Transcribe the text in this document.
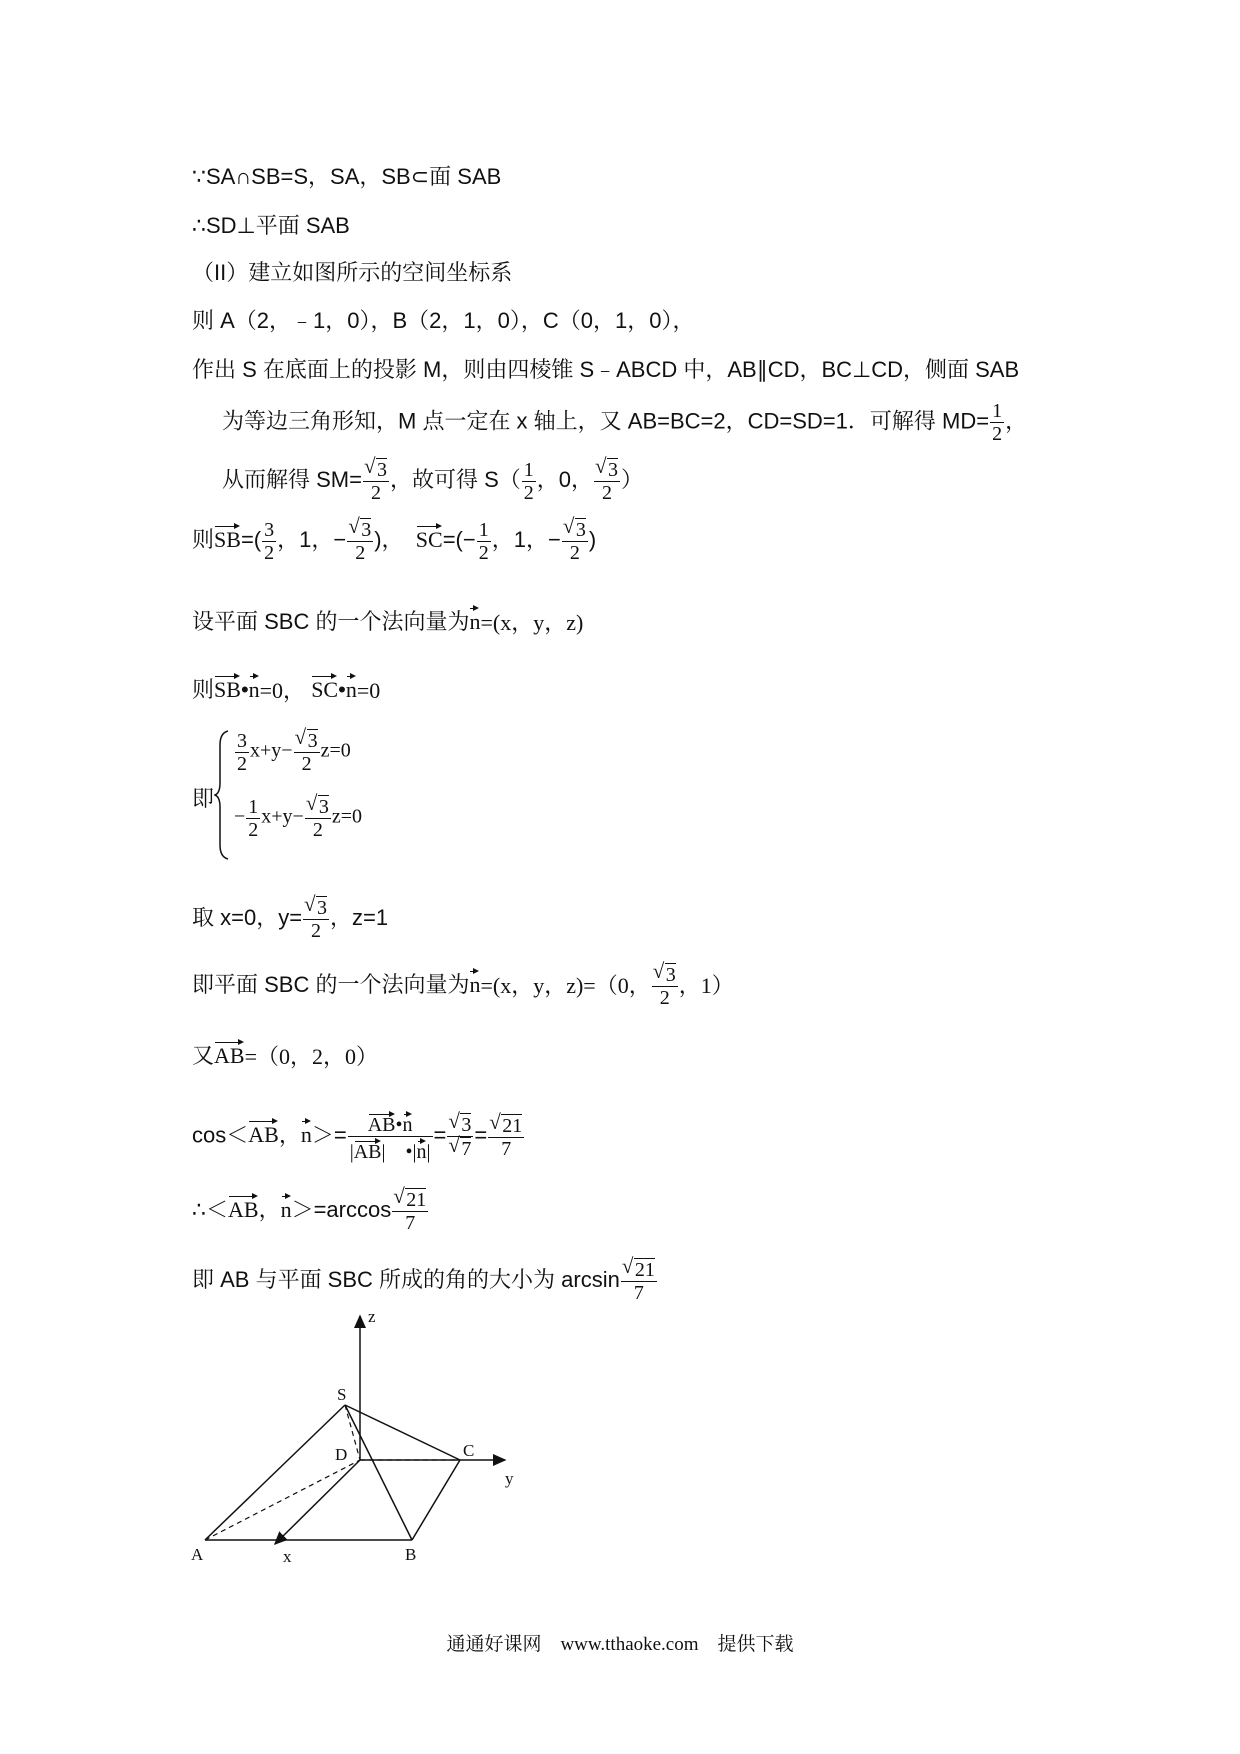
∵SA∩SB=S，SA，SB⊂面 SAB
∴SD⊥平面 SAB
（II）建立如图所示的空间坐标系
则 A（2，﹣1，0），B（2，1，0），C（0，1，0），
作出 S 在底面上的投影 M，则由四棱锥 S﹣ABCD 中，AB∥CD，BC⊥CD，侧面 SAB
为等边三角形知，M 点一定在 x 轴上，又 AB=BC=2，CD=SD=1．可解得 $MD= \frac{1}{2}$ ，
从而解得 SM= √ $\frac{3}{2}$ ，故可得 $S( \frac{1}{2}$ ，0， √ $\frac{3}{2}$ ）
则$SB=( \frac{3}{2}$ ，1，− √ $\frac{3}{2}$ )， $SC=(- \frac{1}{2}$ ，1，− √ $\frac{3}{2}$ )
设平面 SBC 的一个法向量为n=(x，y，z)
则SB•n=0， SC•n=0
即
$\frac{3}{2} x+y-$ √ $\frac{3}{2} z=0$
− $\frac{1}{2} x+y-$ √ $\frac{3}{2} z=0$
取 x=0，y= √ $\frac{3}{2}$ ，z=1
即平面 SBC 的一个法向量为n=(x，y，z)=（0， √ $\frac{3}{2}$ ，1）
又AB=（0，2，0）
cos＜AB，$n>= \frac{AB•n}{|AB| •|n|}$ = √ 3
√ 7 = √ $\frac{21}{7}$
∴＜AB，n＞=arccos √ $\frac{21}{7}$
即 AB 与平面 SBC 所成的角的大小为 arcsin √ $\frac{21}{7}$
z
y
x
S
D	C
A	B
通通好课网　www.tthaoke.com　提供下载
